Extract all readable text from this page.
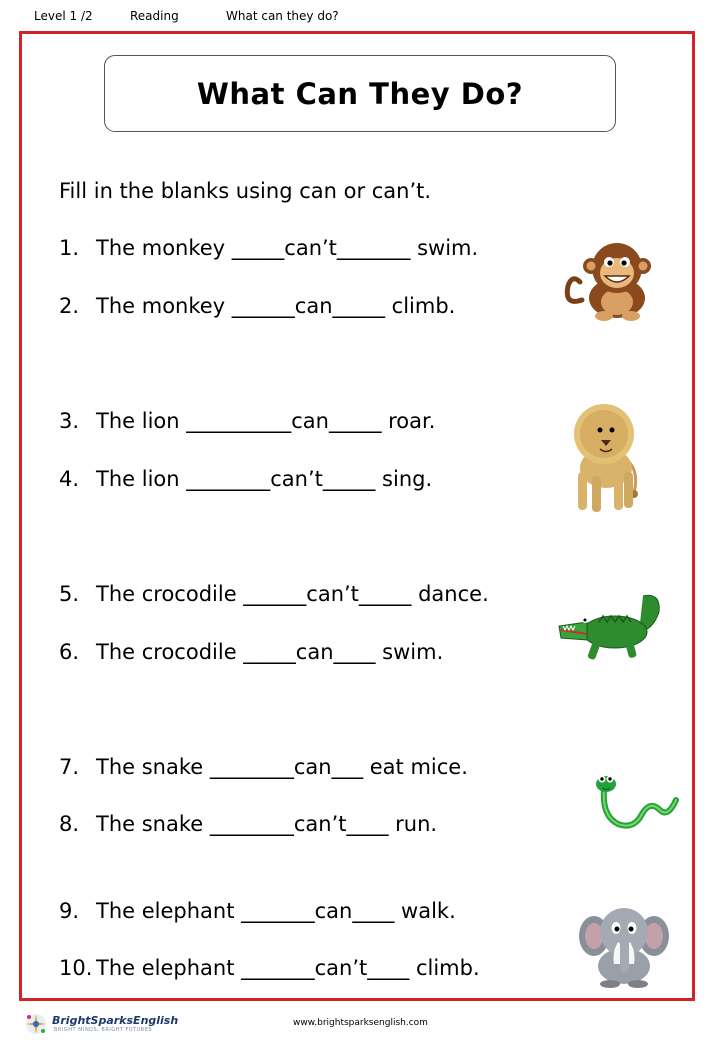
Level 1 /2	Reading	What can they do?
What Can They Do?
Fill in the blanks using can or can’t.
1. The monkey _____can’t_______ swim.
2. The monkey ______can_____ climb.
3. The lion __________can_____ roar.
4. The lion ________can’t_____ sing.
5. The crocodile ______can’t_____ dance.
6. The crocodile _____can____ swim.
7. The snake ________can___ eat mice.
8. The snake ________can’t____ run.
9. The elephant _______can____ walk.
10. The elephant _______can’t____ climb.
BrightSparksEnglish
BRIGHT MINDS, BRIGHT FUTURES
www.brightsparksenglish.com
